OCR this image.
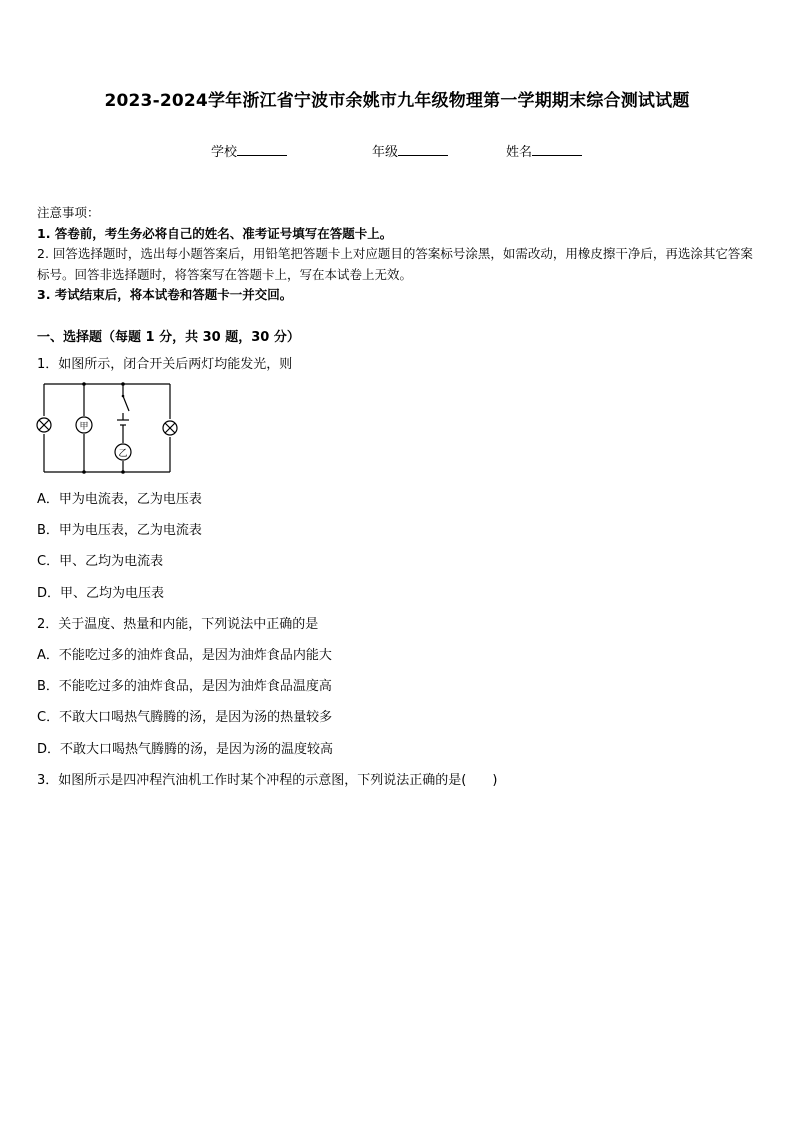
2023-2024学年浙江省宁波市余姚市九年级物理第一学期期末综合测试试题
学校	年级	姓名
注意事项：
1. 答卷前，考生务必将自己的姓名、准考证号填写在答题卡上。
2. 回答选择题时，选出每小题答案后，用铅笔把答题卡上对应题目的答案标号涂黑，如需改动，用橡皮擦干净后，再选涂其它答案标号。回答非选择题时，将答案写在答题卡上，写在本试卷上无效。
3. 考试结束后，将本试卷和答题卡一并交回。
一、选择题（每题 1 分，共 30 题，30 分）
1．如图所示，闭合开关后两灯均能发光，则
甲
乙
A．甲为电流表，乙为电压表
B．甲为电压表，乙为电流表
C．甲、乙均为电流表
D．甲、乙均为电压表
2．关于温度、热量和内能，下列说法中正确的是
A．不能吃过多的油炸食品，是因为油炸食品内能大
B．不能吃过多的油炸食品，是因为油炸食品温度高
C．不敢大口喝热气腾腾的汤，是因为汤的热量较多
D．不敢大口喝热气腾腾的汤，是因为汤的温度较高
3．如图所示是四冲程汽油机工作时某个冲程的示意图，下列说法正确的是(　　)
